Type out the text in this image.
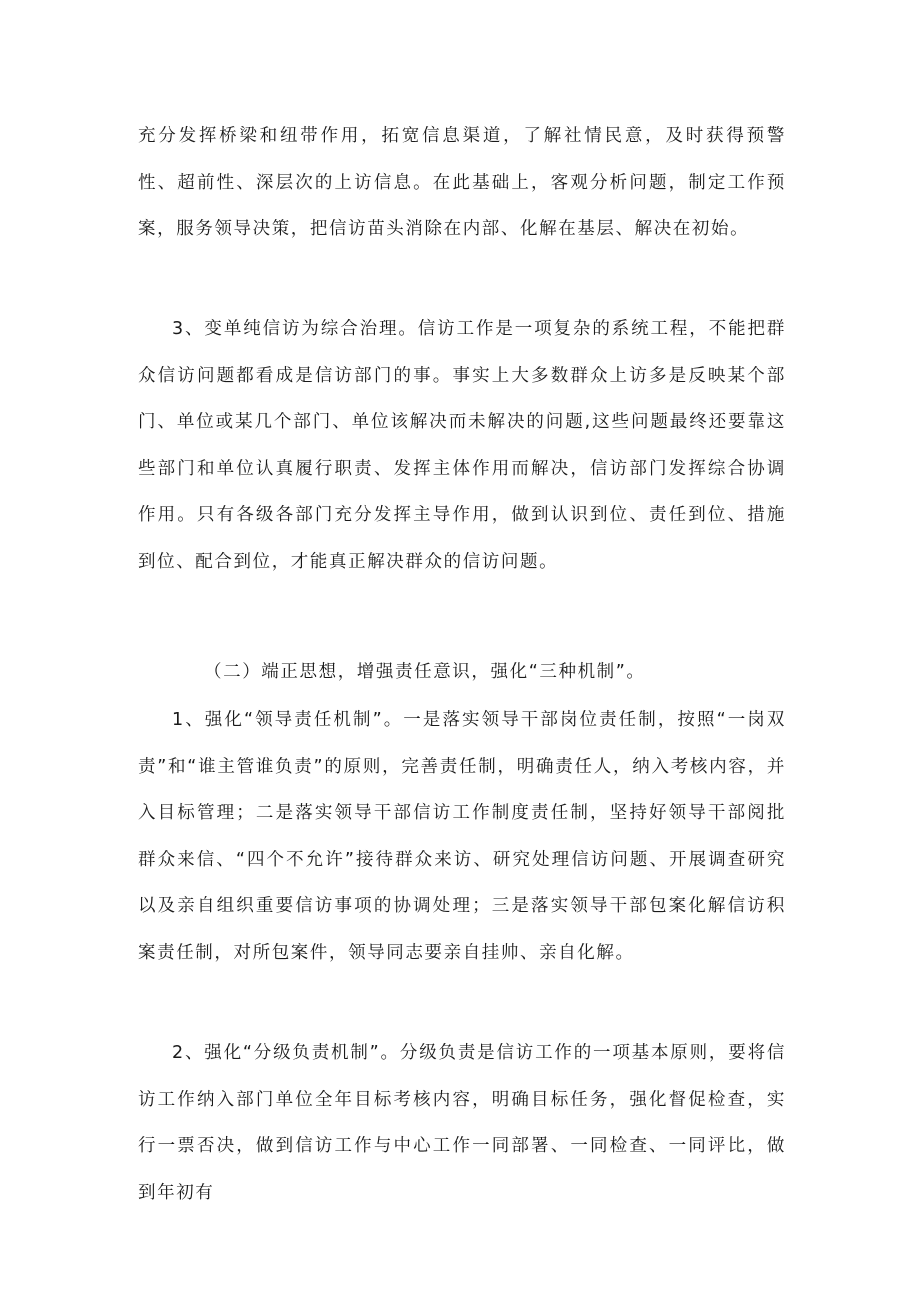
充分发挥桥梁和纽带作用，拓宽信息渠道，了解社情民意，及时获得预警性、超前性、深层次的上访信息。在此基础上，客观分析问题，制定工作预案，服务领导决策，把信访苗头消除在内部、化解在基层、解决在初始。

3、变单纯信访为综合治理。信访工作是一项复杂的系统工程，不能把群众信访问题都看成是信访部门的事。事实上大多数群众上访多是反映某个部门、单位或某几个部门、单位该解决而未解决的问题,这些问题最终还要靠这些部门和单位认真履行职责、发挥主体作用而解决，信访部门发挥综合协调作用。只有各级各部门充分发挥主导作用，做到认识到位、责任到位、措施到位、配合到位，才能真正解决群众的信访问题。

（二）端正思想，增强责任意识，强化“三种机制”。

1、强化“领导责任机制”。一是落实领导干部岗位责任制，按照“一岗双责”和“谁主管谁负责”的原则，完善责任制，明确责任人，纳入考核内容，并入目标管理；二是落实领导干部信访工作制度责任制，坚持好领导干部阅批群众来信、“四个不允许”接待群众来访、研究处理信访问题、开展调查研究以及亲自组织重要信访事项的协调处理；三是落实领导干部包案化解信访积案责任制，对所包案件，领导同志要亲自挂帅、亲自化解。

2、强化“分级负责机制”。分级负责是信访工作的一项基本原则，要将信访工作纳入部门单位全年目标考核内容，明确目标任务，强化督促检查，实行一票否决，做到信访工作与中心工作一同部署、一同检查、一同评比，做到年初有
